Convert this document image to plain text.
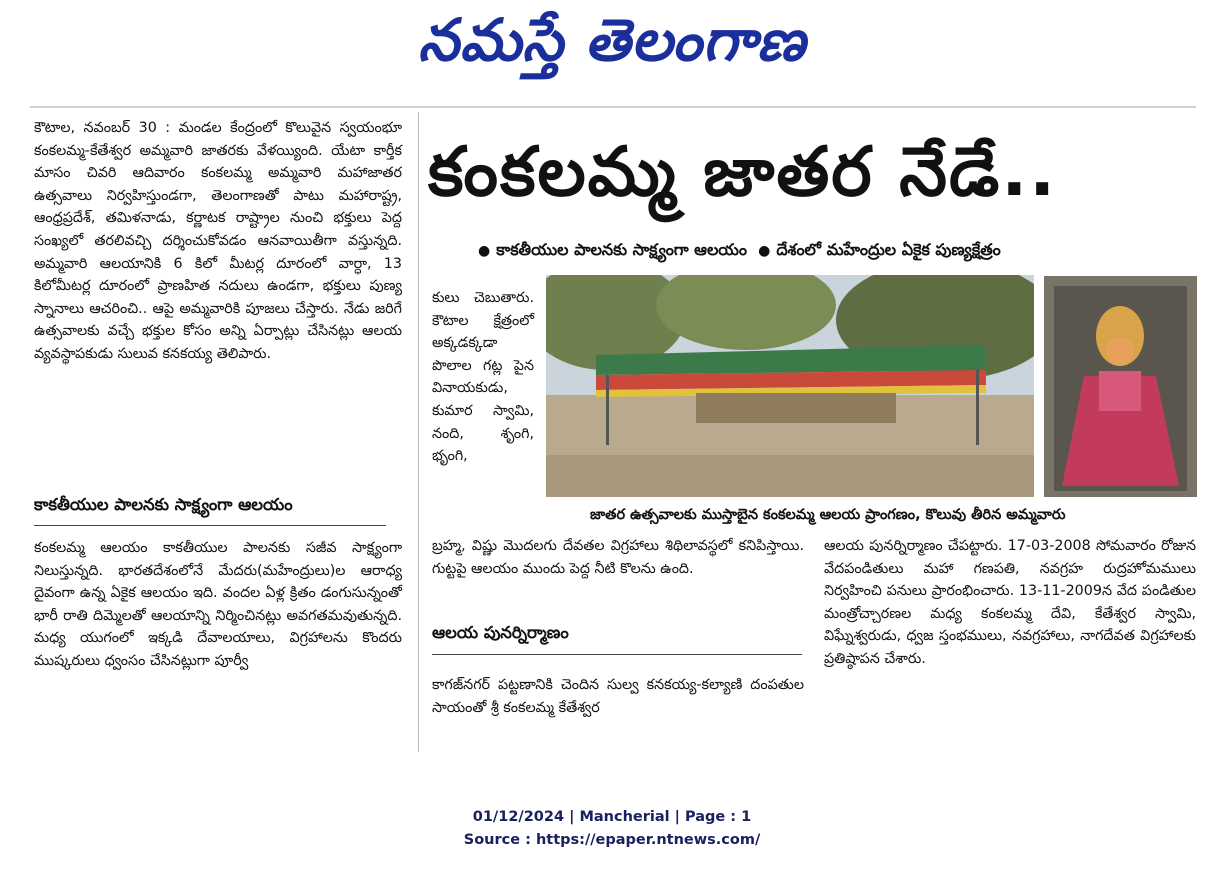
నమస్తే తెలంగాణ

కౌటాల, నవంబర్ 30 : మండల కేంద్రంలో కొలువైన స్వయంభూ కంకలమ్మ-కేతేశ్వర అమ్మవారి జాతరకు వేళయ్యింది. యేటా కార్తీక మాసం చివరి ఆదివారం కంకలమ్మ అమ్మవారి మహాజాతర ఉత్సవాలు నిర్వహిస్తుండగా, తెలంగాణతో పాటు మహారాష్ట్ర, ఆంధ్రప్రదేశ్, తమిళనాడు, కర్ణాటక రాష్ట్రాల నుంచి భక్తులు పెద్ద సంఖ్యలో తరలివచ్చి దర్శించుకోవడం ఆనవాయితీగా వస్తున్నది. అమ్మవారి ఆలయానికి 6 కిలో మీటర్ల దూరంలో వార్ధా, 13 కిలోమీటర్ల దూరంలో ప్రాణహిత నదులు ఉండగా, భక్తులు పుణ్య స్నానాలు ఆచరించి.. ఆపై అమ్మవారికి పూజలు చేస్తారు. నేడు జరిగే ఉత్సవాలకు వచ్చే భక్తుల కోసం అన్ని ఏర్పాట్లు చేసినట్లు ఆలయ వ్యవస్థాపకుడు సులువ కనకయ్య తెలిపారు.

కాకతీయుల పాలనకు సాక్ష్యంగా ఆలయం
కంకలమ్మ ఆలయం కాకతీయుల పాలనకు సజీవ సాక్ష్యంగా నిలుస్తున్నది. భారతదేశంలోనే మేదరు(మహేంద్రులు)ల ఆరాధ్య దైవంగా ఉన్న ఏకైక ఆలయం ఇది. వందల ఏళ్ల క్రితం డంగుసున్నంతో భారీ రాతి దిమ్మెలతో ఆలయాన్ని నిర్మించినట్లు అవగతమవుతున్నది. మధ్య యుగంలో ఇక్కడి దేవాలయాలు, విగ్రహాలను కొందరు ముష్కరులు ధ్వంసం చేసినట్లుగా పూర్వీ
కంకలమ్మ జాతర నేడే..
● కాకతీయుల పాలనకు సాక్ష్యంగా ఆలయం ● దేశంలో మహేంద్రుల ఏకైక పుణ్యక్షేత్రం
కులు చెబుతారు. కౌటాల క్షేత్రంలో అక్కడక్కడా పొలాల గట్ల పైన వినాయకుడు, కుమార స్వామి, నంది, శృంగి, భృంగి,
జాతర ఉత్సవాలకు ముస్తాబైన కంకలమ్మ ఆలయ ప్రాంగణం, కొలువు తీరిన అమ్మవారు
బ్రహ్మ, విష్ణు మొదలగు దేవతల విగ్రహాలు శిథిలావస్థలో కనిపిస్తాయి. గుట్టపై ఆలయం ముందు పెద్ద నీటి కొలను ఉంది.
ఆలయ పునర్నిర్మాణం
కాగజ్‌నగర్ పట్టణానికి చెందిన సుల్వ కనకయ్య-కల్యాణి దంపతుల సాయంతో శ్రీ కంకలమ్మ కేతేశ్వర
ఆలయ పునర్నిర్మాణం చేపట్టారు. 17-03-2008 సోమవారం రోజున వేదపండితులు మహా గణపతి, నవగ్రహ రుద్రహోమములు నిర్వహించి పనులు ప్రారంభించారు. 13-11-2009న వేద పండితుల మంత్రోచ్చారణల మధ్య కంకలమ్మ దేవి, కేతేశ్వర స్వామి, విఘ్నేశ్వరుడు, ధ్వజ స్తంభములు, నవగ్రహాలు, నాగదేవత విగ్రహాలకు ప్రతిష్ఠాపన చేశారు.
01/12/2024 | Mancherial | Page : 1
Source : https://epaper.ntnews.com/
